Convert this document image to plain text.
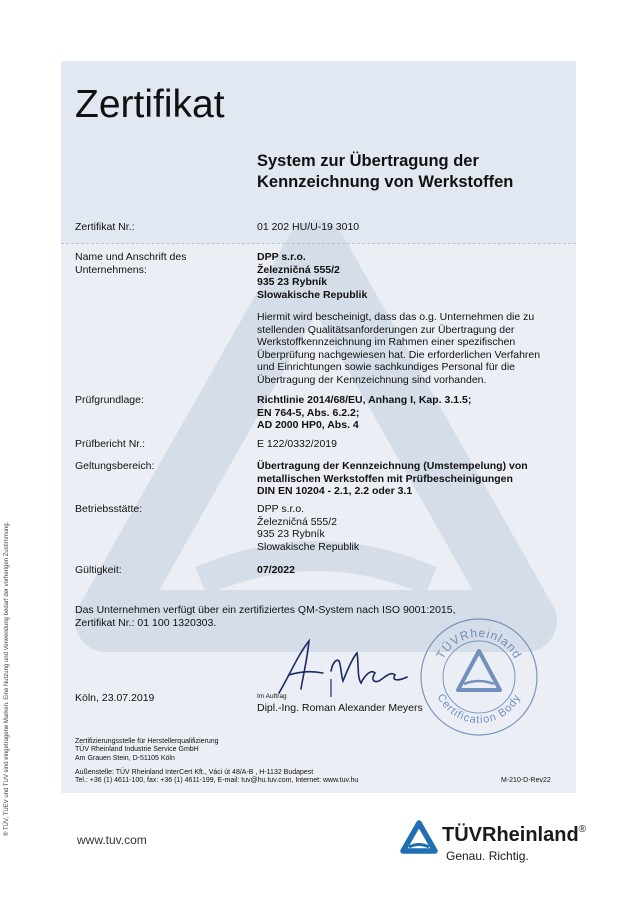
Zertifikat
System zur Übertragung der
Kennzeichnung von Werkstoffen
Zertifikat Nr.:	01 202 HU/U-19 3010
Name und Anschrift des
Unternehmens:
DPP s.r.o.
Železničná 555/2
935 23 Rybník
Slowakische Republik
Hiermit wird bescheinigt, dass das o.g. Unternehmen die zu
stellenden Qualitätsanforderungen zur Übertragung der
Werkstoffkennzeichnung im Rahmen einer spezifischen
Überprüfung nachgewiesen hat. Die erforderlichen Verfahren
und Einrichtungen sowie sachkundiges Personal für die
Übertragung der Kennzeichnung sind vorhanden.
Prüfgrundlage:	Richtlinie 2014/68/EU, Anhang I, Kap. 3.1.5;
EN 764-5, Abs. 6.2.2;
AD 2000 HP0, Abs. 4
Prüfbericht Nr.:	E 122/0332/2019
Geltungsbereich:	Übertragung der Kennzeichnung (Umstempelung) von
metallischen Werkstoffen mit Prüfbescheinigungen
DIN EN 10204 - 2.1, 2.2 oder 3.1
Betriebsstätte:	DPP s.r.o.
Železničná 555/2
935 23 Rybník
Slowakische Republik
Gültigkeit:	07/2022
Das Unternehmen verfügt über ein zertifiziertes QM-System nach ISO 9001:2015,
Zertifikat Nr.: 01 100 1320303.
TÜVRheinland
Certification Body
Köln, 23.07.2019	Im Auftrag
Dipl.-Ing. Roman Alexander Meyers
Zertifizierungsstelle für Herstellerqualifizierung
TÜV Rheinland Industrie Service GmbH
Am Grauen Stein, D-51105 Köln
Außenstelle: TÜV Rheinland InterCert Kft., Váci út 48/A-B , H-1132 Budapest
Tel.: +36 (1) 4611-100, fax: +36 (1) 4611-199, E-mail: tuv@hu.tuv.com, Internet: www.tuv.hu	M-210-D-Rev22
® TÜV, TUEV und TUV sind eingetragene Marken. Eine Nutzung und Verwendung bedarf der vorherigen Zustimmung.
www.tuv.com	TÜVRheinland®
Genau. Richtig.
